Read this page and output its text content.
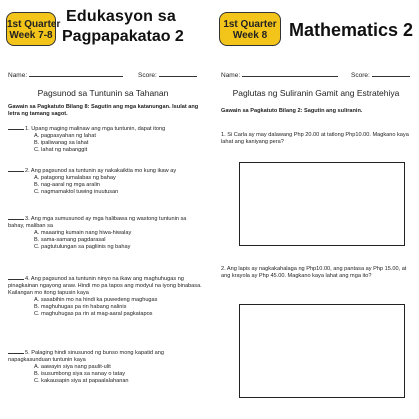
1st Quarter
Week 7-8
Edukasyon sa
Pagpapakatao 2
Name:	Score:
Pagsunod sa Tuntunin sa Tahanan
Gawain sa Pagkatuto Bilang 8: Sagutin ang mga katanungan. Isulat ang letra ng tamang sagot.
1. Upang maging malinaw ang mga tuntunin, dapat itong
A. pagpasyahan ng lahat
B. ipaliwanag sa lahat
C. lahat ng nabanggit
2. Ang pagsunod sa tuntunin ay nakakaiktia mo kung ikaw ay
A. patagong lumalabas ng bahay
B. nag-aaral ng mga aralin
C. nagmamaktol tuwing inuutusan
3. Ang mga sumusunod ay mga halibawa ng wastong tuntunin sa bahay, maliban sa
A. maaaring kumain nang hiwa-hiwalay
B. sama-samang pagdarasal
C. pagtutulungan sa pagliinis ng bahay
4. Ang pagsunod sa tuntunin ninyo na ikaw ang maghuhugas ng pinagkainan ngayong araw. Hindi mo pa tapos ang modyul na iyong binabasa. Kailangan mo itong tapusin kaya
A. sasabihin mo na hindi ka puwedeng maghugas
B. maghuhugas pa rin habang nalinis
C. maghuhugas pa rin at mag-aaral pagkatapos
5. Palaging hindi sinusunod ng bunso mong kapatid ang napagkasunduan tuntunin kaya
A. aawayin siya nang paulit-ulit
B. isusumbong siya sa nanay o tatay
C. kakausapin siya at papaalalahanan
1st Quarter
Week 8	Mathematics 2
Name:	Score:
Paglutas ng Suliranin Gamit ang Estratehiya
Gawain sa Pagkatuto Bilang 2: Sagutin ang suliranin.
1. Si Carla ay may dalawang Php 20.00 at tatlong Php10.00. Magkano kaya lahat ang kaniyang pera?
2. Ang lapis ay nagkakahalaga ng Php10.00, ang pantasa ay Php 15.00, at ang krayola ay Php 45.00. Magkano kaya lahat ang mga ito?
